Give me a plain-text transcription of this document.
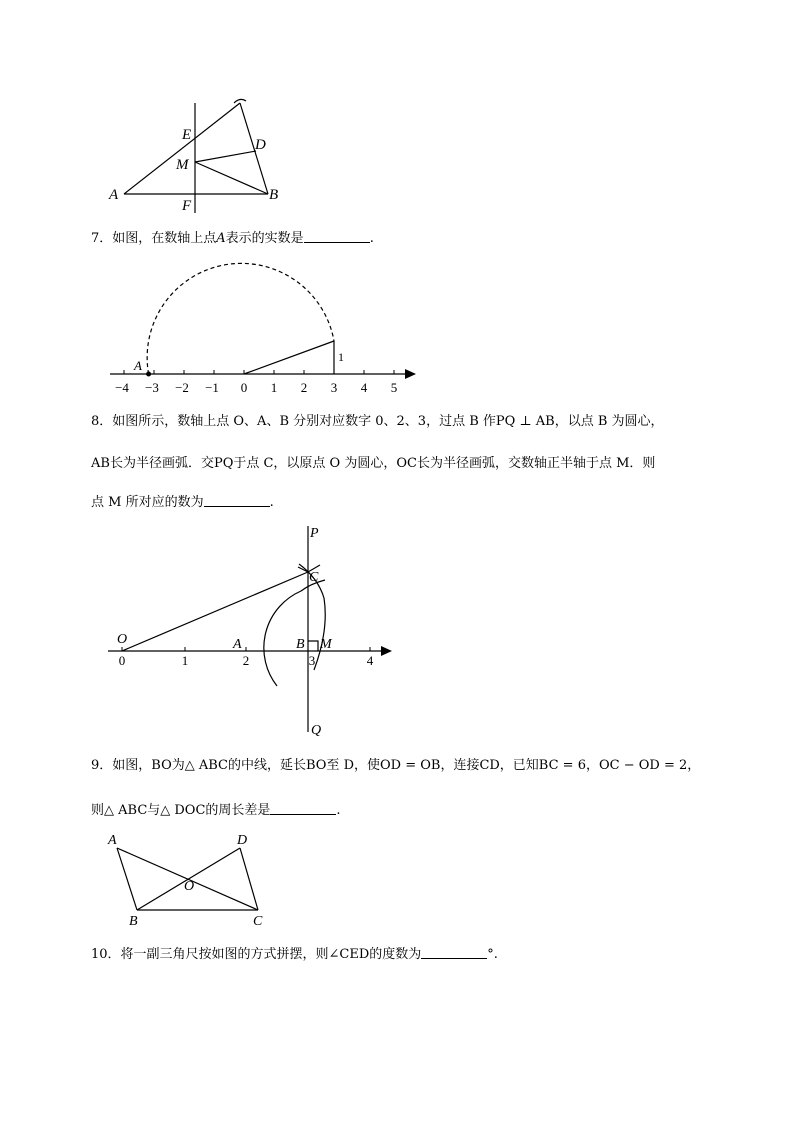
E
M
D
A	B
F
7．如图，在数轴上点A表示的实数是	.
A
1
−4 −3 −2 −1 0 1 2 3 4 5
8．如图所示，数轴上点 O、A、B 分别对应数字 0、2、3，过点 B 作PQ ⊥ AB，以点 B 为圆心，
AB长为半径画弧．交PQ于点 C，以原点 O 为圆心，OC长为半径画弧，交数轴正半轴于点 M．则
点 M 所对应的数为	.
P
C
O	A	B M
Q
0	1	2	3	4
9．如图，BO为△ ABC的中线，延长BO至 D，使OD = OB，连接CD，已知BC = 6，OC − OD = 2，
则△ ABC与△ DOC的周长差是	.
A	D
O
B	C
10．将一副三角尺按如图的方式拼摆，则∠CED的度数为	°.
